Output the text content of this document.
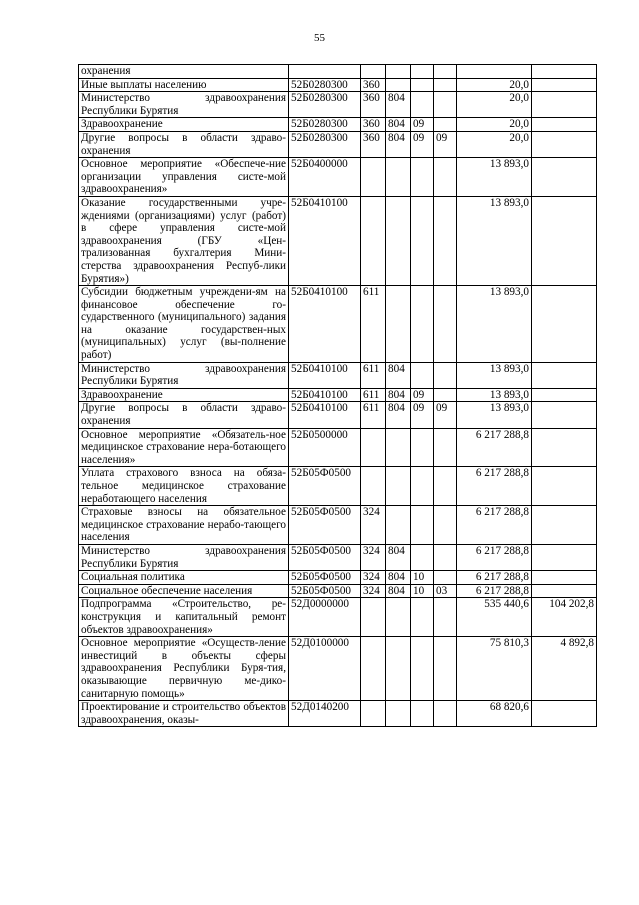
55
охранения							
Иные выплаты населению	52Б0280300	360				20,0	
Министерство здравоохранения Республики Бурятия	52Б0280300	360	804			20,0	
Здравоохранение	52Б0280300	360	804	09		20,0	
Другие вопросы в области здраво-охранения	52Б0280300	360	804	09	09	20,0	
Основное мероприятие «Обеспече-ние организации управления систе-мой здравоохранения»	52Б0400000					13 893,0	
Оказание государственными учре-ждениями (организациями) услуг (работ) в сфере управления систе-мой здравоохранения (ГБУ «Цен-трализованная бухгалтерия Мини-стерства здравоохранения Респуб-лики Бурятия»)	52Б0410100					13 893,0	
Субсидии бюджетным учреждени-ям на финансовое обеспечение го-сударственного (муниципального) задания на оказание государствен-ных (муниципальных) услуг (вы-полнение работ)	52Б0410100	611				13 893,0	
Министерство здравоохранения Республики Бурятия	52Б0410100	611	804			13 893,0	
Здравоохранение	52Б0410100	611	804	09		13 893,0	
Другие вопросы в области здраво-охранения	52Б0410100	611	804	09	09	13 893,0	
Основное мероприятие «Обязатель-ное медицинское страхование нера-ботающего населения»	52Б0500000					6 217 288,8	
Уплата страхового взноса на обяза-тельное медицинское страхование неработающего населения	52Б05Ф0500					6 217 288,8	
Страховые взносы на обязательное медицинское страхование нерабо-тающего населения	52Б05Ф0500	324				6 217 288,8	
Министерство здравоохранения Республики Бурятия	52Б05Ф0500	324	804			6 217 288,8	
Социальная политика	52Б05Ф0500	324	804	10		6 217 288,8	
Социальное обеспечение населения	52Б05Ф0500	324	804	10	03	6 217 288,8	
Подпрограмма «Строительство, ре-конструкция и капитальный ремонт объектов здравоохранения»	52Д0000000					535 440,6	104 202,8
Основное мероприятие «Осуществ-ление инвестиций в объекты сферы здравоохранения Республики Буря-тия, оказывающие первичную ме-дико-санитарную помощь»	52Д0100000					75 810,3	4 892,8
Проектирование и строительство объектов здравоохранения, оказы-	52Д0140200					68 820,6	
